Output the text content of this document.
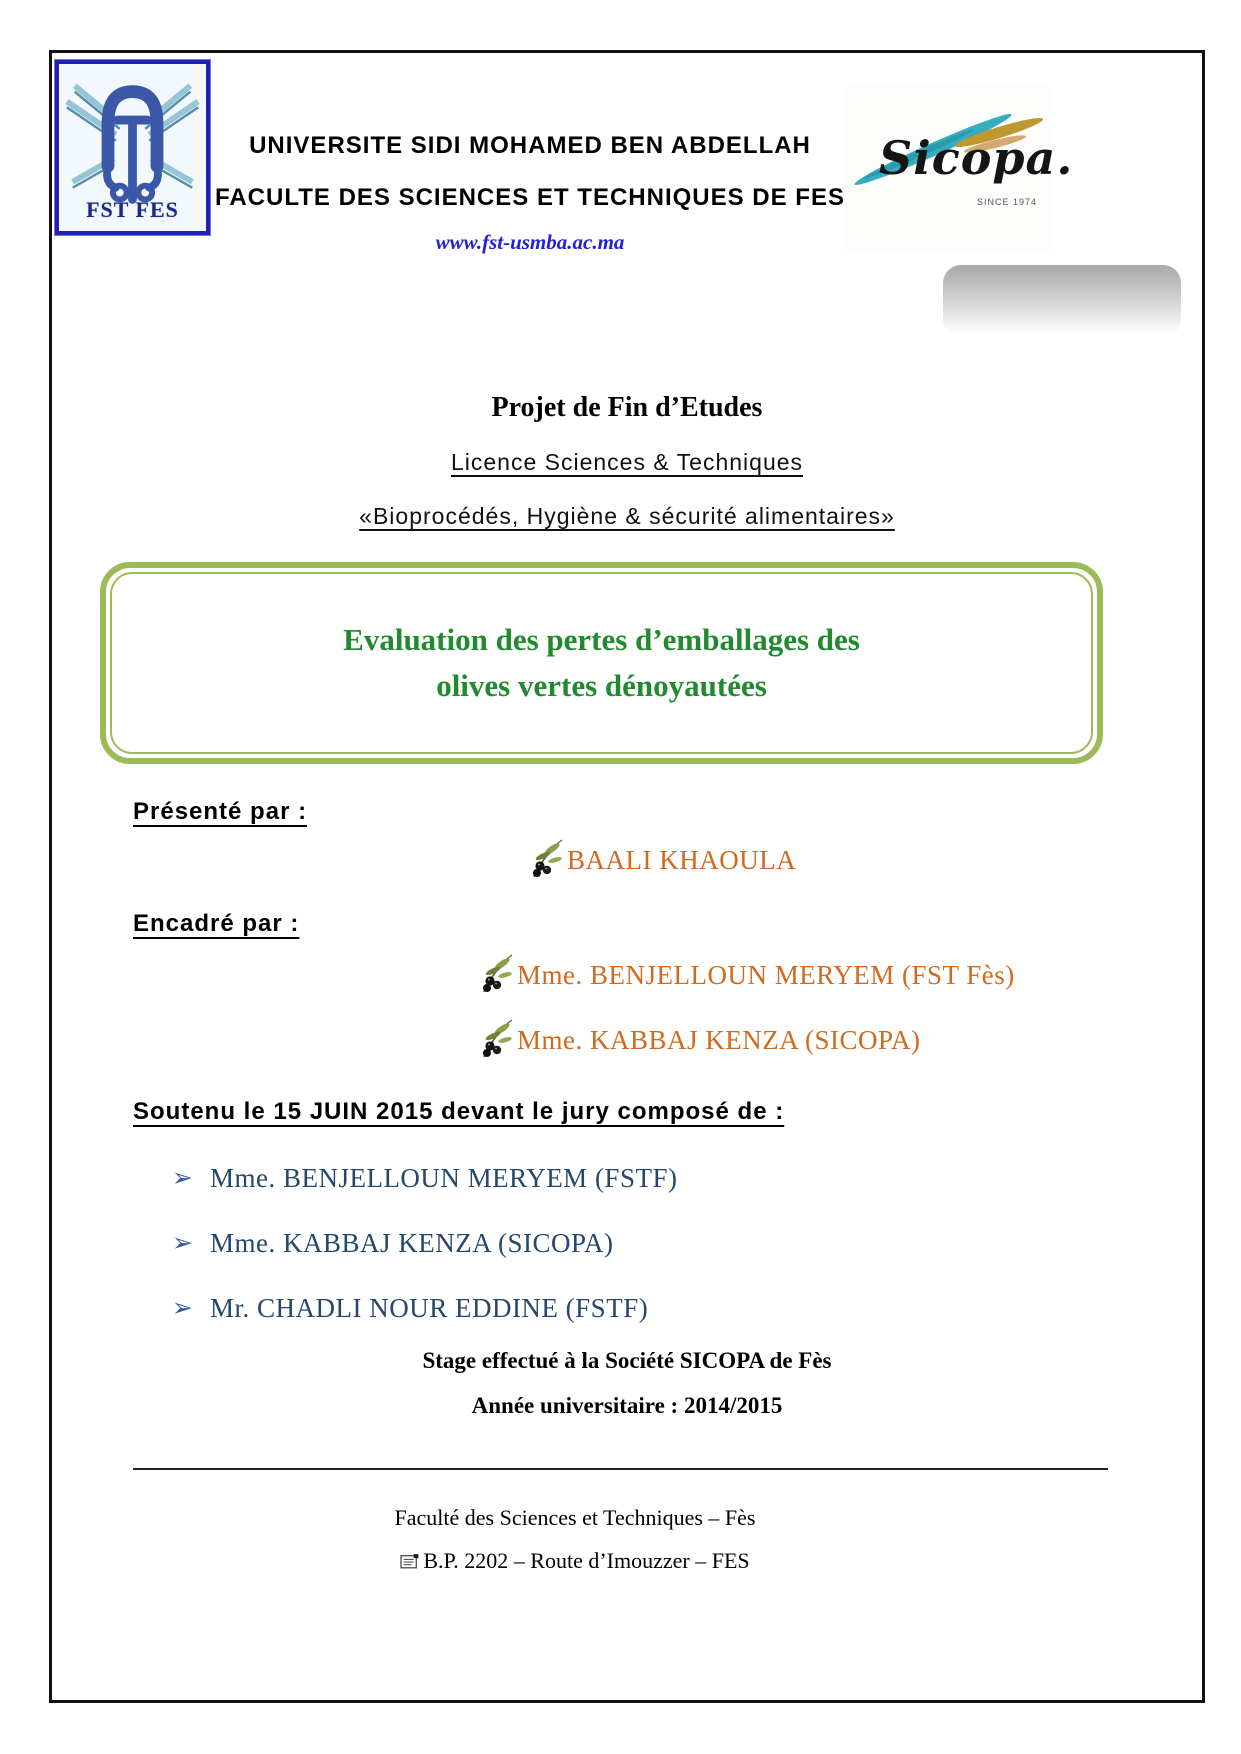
FST FES
UNIVERSITE SIDI MOHAMED BEN ABDELLAH
FACULTE DES SCIENCES ET TECHNIQUES DE FES
www.fst-usmba.ac.ma
Sicopa.
SINCE 1974
Projet de Fin d’Etudes
Licence Sciences & Techniques
«Bioprocédés, Hygiène & sécurité alimentaires»
Evaluation des pertes d’emballages des
olives vertes dénoyautées
Présenté par :
BAALI KHAOULA
Encadré par :
Mme. BENJELLOUN MERYEM (FST Fès)
Mme. KABBAJ KENZA (SICOPA)
Soutenu le 15 JUIN 2015 devant le jury composé de :
➢ Mme. BENJELLOUN MERYEM (FSTF)
➢ Mme. KABBAJ KENZA (SICOPA)
➢ Mr. CHADLI NOUR EDDINE (FSTF)
Stage effectué à la Société SICOPA de Fès
Année universitaire : 2014/2015
Faculté des Sciences et Techniques – Fès
B.P. 2202 – Route d’Imouzzer – FES
